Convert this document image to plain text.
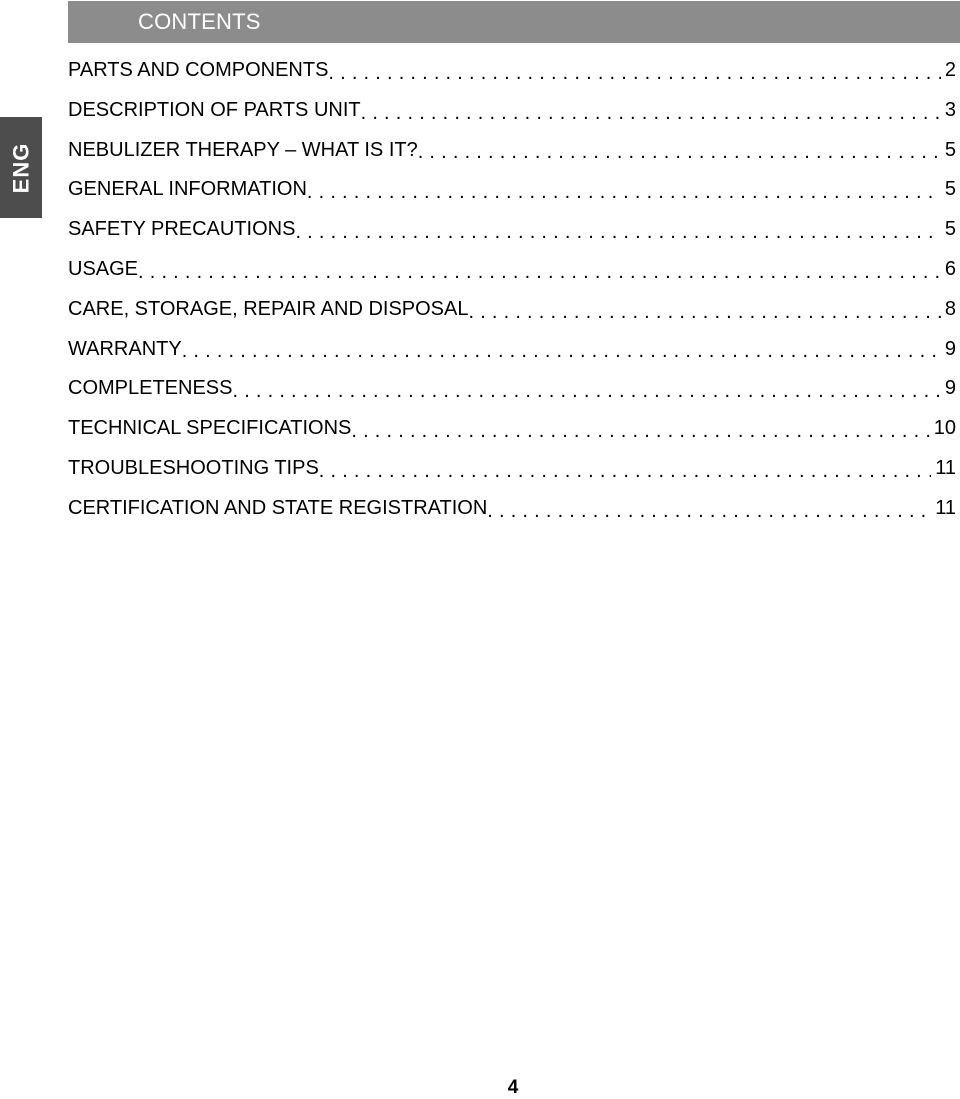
ENG
CONTENTS
PARTS AND COMPONENTS . . .	2
DESCRIPTION OF PARTS UNIT . . .	3
NEBULIZER THERAPY – WHAT IS IT? . . .	5
GENERAL INFORMATION . . .	5
SAFETY PRECAUTIONS . . .	5
USAGE . . .	6
CARE, STORAGE, REPAIR AND DISPOSAL . . .	8
WARRANTY . . .	9
COMPLETENESS . . .	9
TECHNICAL SPECIFICATIONS . . .	10
TROUBLESHOOTING TIPS . . .	11
CERTIFICATION AND STATE REGISTRATION . . .	11
4
